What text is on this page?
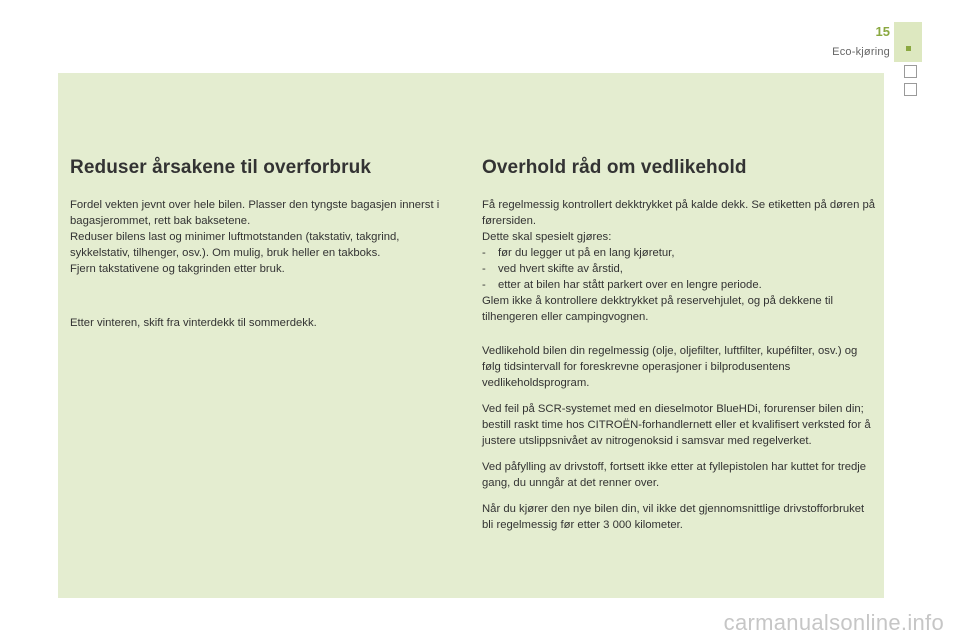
15
Eco-kjøring
Reduser årsakene til overforbruk

Fordel vekten jevnt over hele bilen. Plasser den tyngste bagasjen innerst i bagasjerommet, rett bak baksetene.

Reduser bilens last og minimer luftmotstanden (takstativ, takgrind, sykkelstativ, tilhenger, osv.). Om mulig, bruk heller en takboks.

Fjern takstativene og takgrinden etter bruk.

Etter vinteren, skift fra vinterdekk til sommerdekk.

Overhold råd om vedlikehold

Få regelmessig kontrollert dekktrykket på kalde dekk. Se etiketten på døren på førersiden.

Dette skal spesielt gjøres:

-	før du legger ut på en lang kjøretur,

-	ved hvert skifte av årstid,

-	etter at bilen har stått parkert over en lengre periode.

Glem ikke å kontrollere dekktrykket på reservehjulet, og på dekkene til tilhengeren eller campingvognen.

Vedlikehold bilen din regelmessig (olje, oljefilter, luftfilter, kupéfilter, osv.) og følg tidsintervall for foreskrevne operasjoner i bilprodusentens vedlikeholdsprogram.

Ved feil på SCR-systemet med en dieselmotor BlueHDi, forurenser bilen din; bestill raskt time hos CITROËN-forhandlernett eller et kvalifisert verksted for å justere utslippsnivået av nitrogenoksid i samsvar med regelverket.

Ved påfylling av drivstoff, fortsett ikke etter at fyllepistolen har kuttet for tredje gang, du unngår at det renner over.

Når du kjører den nye bilen din, vil ikke det gjennomsnittlige drivstofforbruket bli regelmessig før etter 3 000 kilometer.

carmanualsonline.info
